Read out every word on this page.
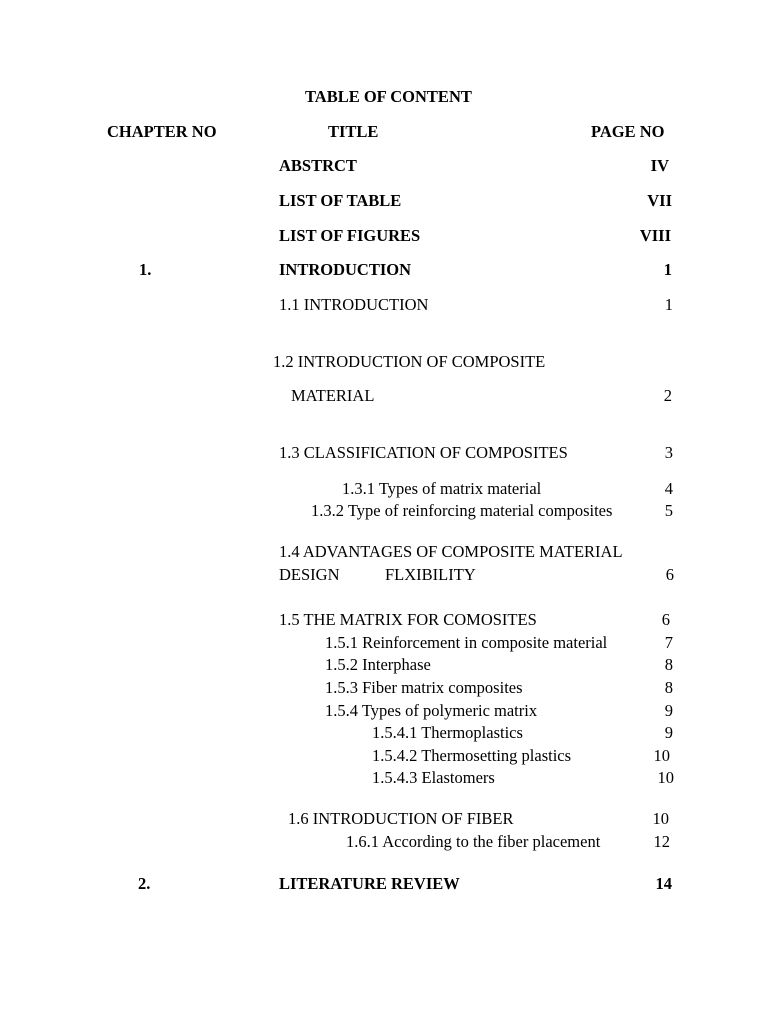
TABLE OF CONTENT
CHAPTER NO	TITLE	PAGE NO
ABSTRCT	IV
LIST OF TABLE	VII
LIST OF FIGURES	VIII
1.	INTRODUCTION	1
1.1 INTRODUCTION	1
1.2 INTRODUCTION OF COMPOSITE
MATERIAL	2
1.3 CLASSIFICATION OF COMPOSITES	3
1.3.1 Types of matrix material	4
1.3.2 Type of reinforcing material composites	5
1.4 ADVANTAGES OF COMPOSITE MATERIAL
DESIGN	FLXIBILITY	6
1.5 THE MATRIX FOR COMOSITES	6
1.5.1 Reinforcement in composite material	7
1.5.2 Interphase	8
1.5.3 Fiber matrix composites	8
1.5.4 Types of polymeric matrix	9
1.5.4.1 Thermoplastics	9
1.5.4.2 Thermosetting plastics	10
1.5.4.3 Elastomers	10
1.6 INTRODUCTION OF FIBER	10
1.6.1 According to the fiber placement	12
2.	LITERATURE REVIEW	14
